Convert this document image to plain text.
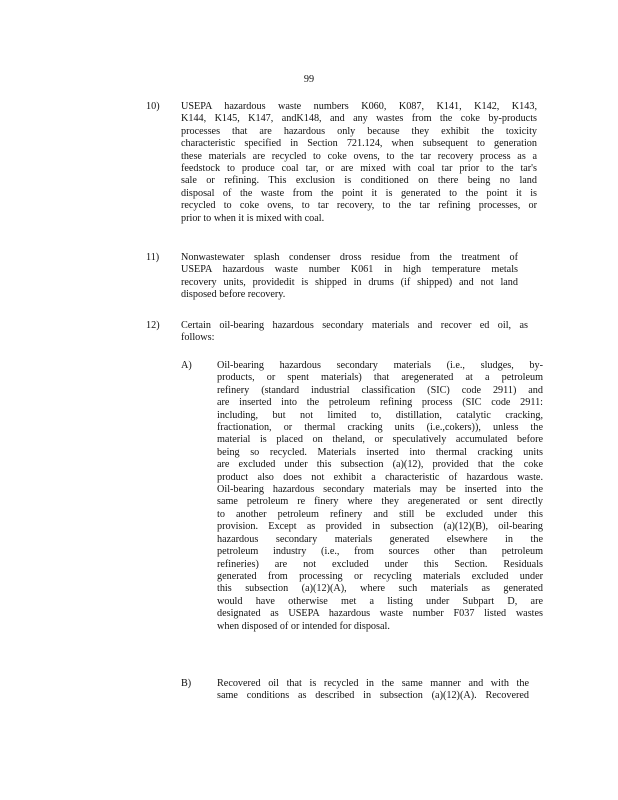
99
10) USEPA hazardous waste numbers K060, K087, K141, K142, K143,
K144, K145, K147, andK148, and any wastes from the coke by-products
processes that are hazardous only because they exhibit the toxicity
characteristic specified in Section 721.124, when subsequent to generation
these materials are recycled to coke ovens, to the tar recovery process as a
feedstock to produce coal tar, or are mixed with coal tar prior to the tar's
sale or refining. This exclusion is conditioned on there being no land
disposal of the waste from the point it is generated to the point it is
recycled to coke ovens, to tar recovery, to the tar refining processes, or
prior to when it is mixed with coal.
11) Nonwastewater splash condenser dross residue from the treatment of
USEPA hazardous waste number K061 in high temperature metals
recovery units, providedit is shipped in drums (if shipped) and not land
disposed before recovery.
12) Certain oil-bearing hazardous secondary materials and recover ed oil, as
follows:
A) Oil-bearing hazardous secondary materials (i.e., sludges, by-
products, or spent materials) that aregenerated at a petroleum
refinery (standard industrial classification (SIC) code 2911) and
are inserted into the petroleum refining process (SIC code 2911:
including, but not limited to, distillation, catalytic cracking,
fractionation, or thermal cracking units (i.e.,cokers)), unless the
material is placed on theland, or speculatively accumulated before
being so recycled. Materials inserted into thermal cracking units
are excluded under this subsection (a)(12), provided that the coke
product also does not exhibit a characteristic of hazardous waste.
Oil-bearing hazardous secondary materials may be inserted into the
same petroleum re finery where they aregenerated or sent directly
to another petroleum refinery and still be excluded under this
provision. Except as provided in subsection (a)(12)(B), oil-bearing
hazardous secondary materials generated elsewhere in the
petroleum industry (i.e., from sources other than petroleum
refineries) are not excluded under this Section. Residuals
generated from processing or recycling materials excluded under
this subsection (a)(12)(A), where such materials as generated
would have otherwise met a listing under Subpart D, are
designated as USEPA hazardous waste number F037 listed wastes
when disposed of or intended for disposal.
B)	Recovered oil that is recycled in the same manner and with the
same conditions as described in subsection (a)(12)(A). Recovered
